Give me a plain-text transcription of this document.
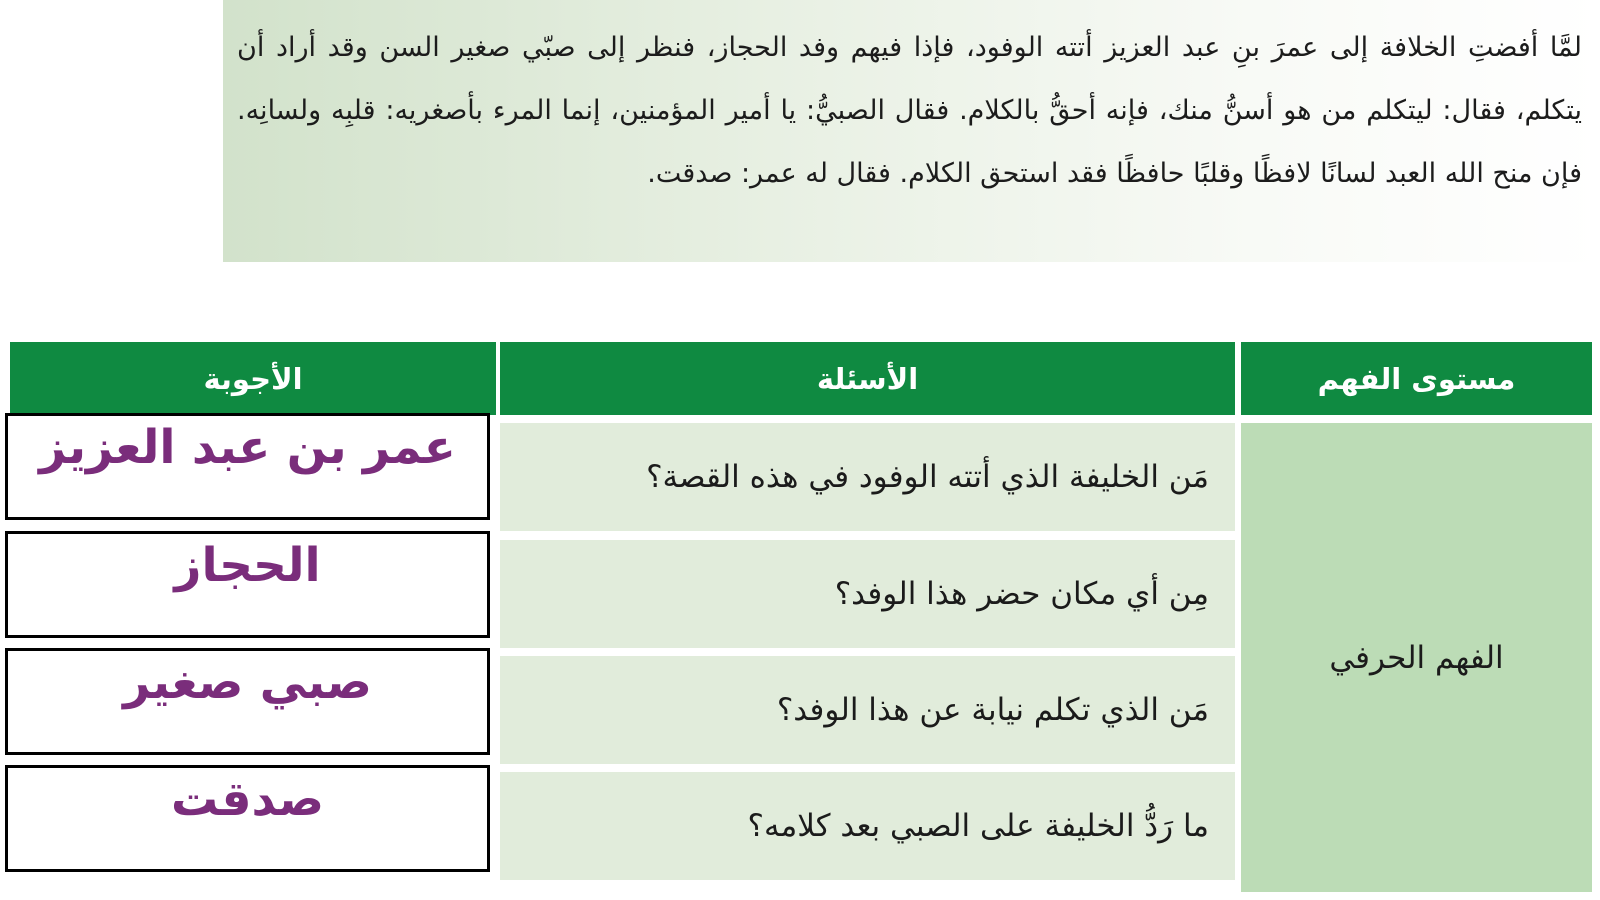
لمَّا أفضتِ الخلافة إلى عمرَ بنِ عبد العزيز أتته الوفود، فإذا فيهم وفد الحجاز، فنظر إلى صبّي صغير السن وقد أراد أن يتكلم، فقال: ليتكلم من هو أسنُّ منك، فإنه أحقُّ بالكلام. فقال الصبيُّ: يا أمير المؤمنين، إنما المرء بأصغريه: قلبِه ولسانِه. فإن منح الله العبد لسانًا لافظًا وقلبًا حافظًا فقد استحق الكلام. فقال له عمر: صدقت.
مستوى الفهم
الأسئلة
الأجوبة
الفهم الحرفي
مَن الخليفة الذي أتته الوفود في هذه القصة؟
مِن أي مكان حضر هذا الوفد؟
مَن الذي تكلم نيابة عن هذا الوفد؟
ما رَدُّ الخليفة على الصبي بعد كلامه؟
عمر بن عبد العزيز
الحجاز
صبي صغير
صدقت
